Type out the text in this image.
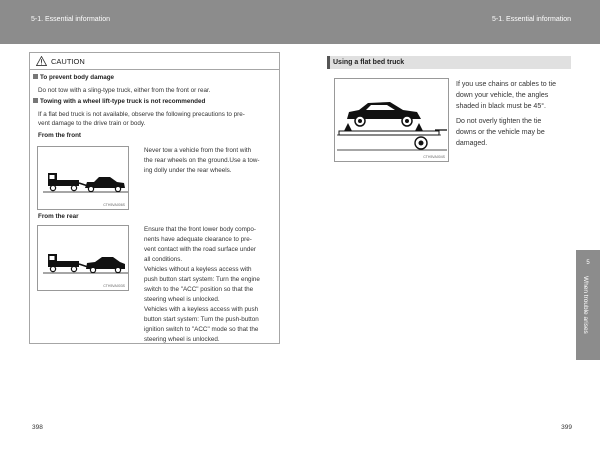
5-1. Essential information	5-1. Essential information
CAUTION
To prevent body damage
Do not tow with a sling-type truck, either from the front or rear.
Towing with a wheel lift-type truck is not recommended
If a flat bed truck is not available, observe the following precautions to pre-
vent damage to the drive train or body.
From the front
CTH5VA006S
Never tow a vehicle from the front with
the rear wheels on the ground.Use a tow-
ing dolly under the rear wheels.
From the rear
CTH5VA003S
Ensure that the front lower body compo-
nents have adequate clearance to pre-
vent contact with the road surface under
all conditions.
Vehicles without a keyless access with
push button start system: Turn the engine
switch to the "ACC" position so that the
steering wheel is unlocked.
Vehicles with a keyless access with push
button start system: Turn the push-button
ignition switch to "ACC" mode so that the
steering wheel is unlocked.
Using a flat bed truck
CTH5VA004S
If you use chains or cables to tie
down your vehicle, the angles
shaded in black must be 45°.
Do not overly tighten the tie
downs or the vehicle may be
damaged.
5
When trouble arises
398	399
